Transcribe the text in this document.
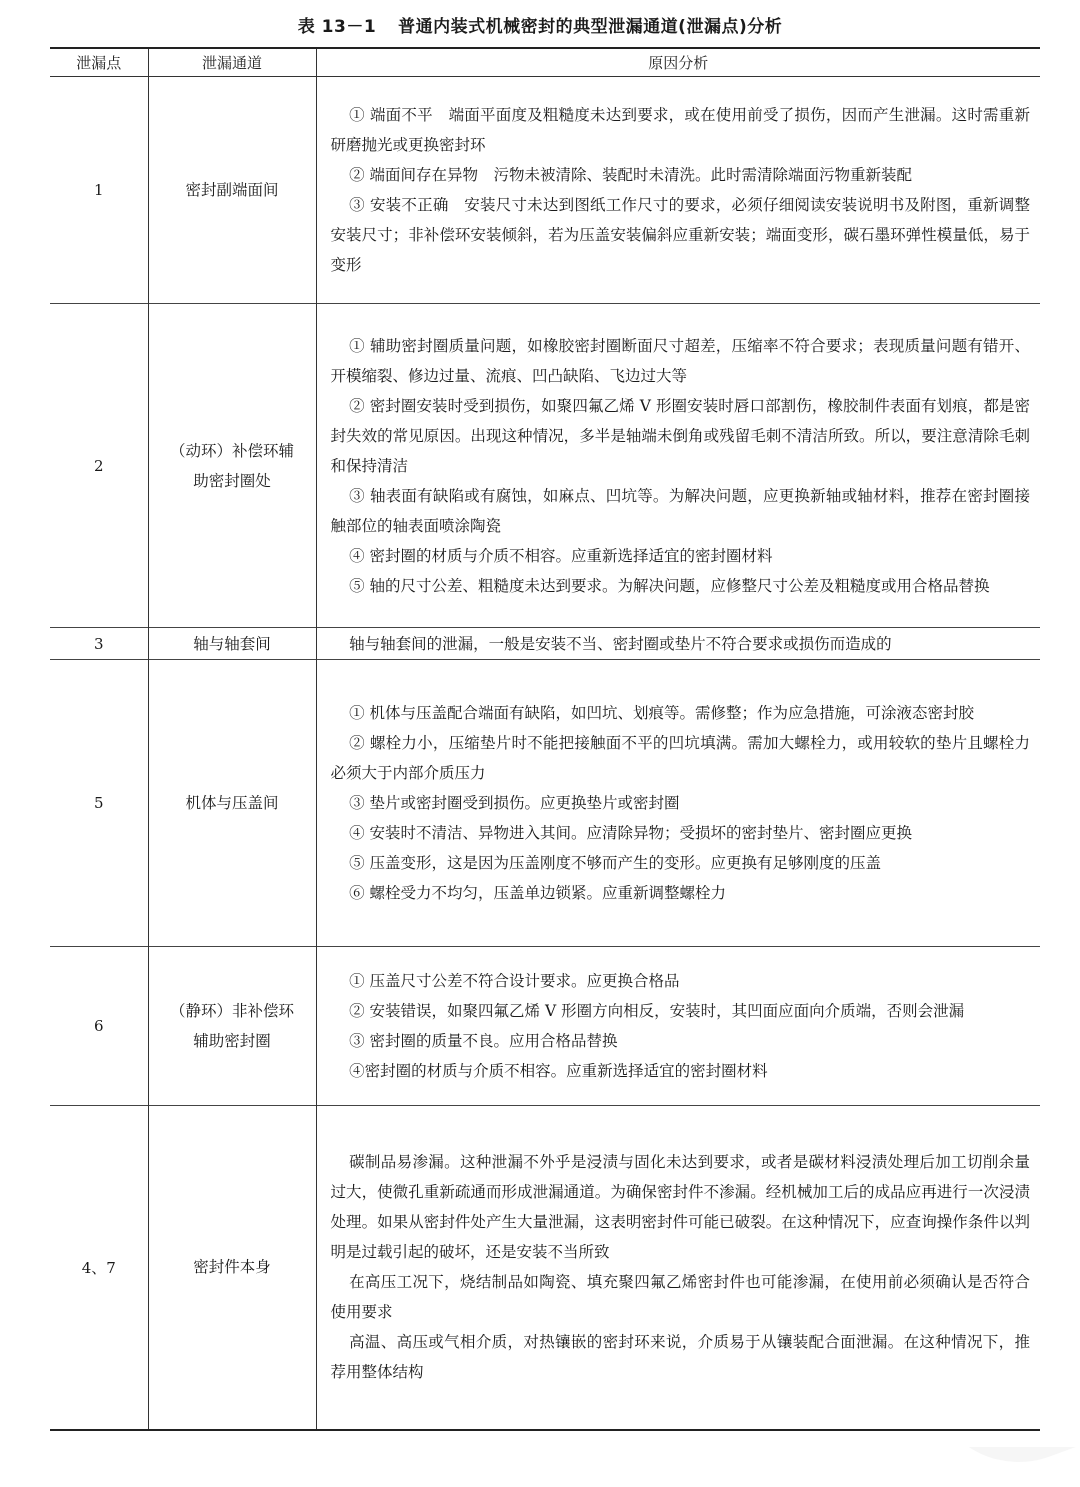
表 13－1 普通内装式机械密封的典型泄漏通道(泄漏点)分析
泄漏点	泄漏通道	原因分析
1	密封副端面间	① 端面不平　端面平面度及粗糙度未达到要求，或在使用前受了损伤，因而产生泄漏。这时需重新研磨抛光或更换密封环

② 端面间存在异物　污物未被清除、装配时未清洗。此时需清除端面污物重新装配

③ 安装不正确　安装尺寸未达到图纸工作尺寸的要求，必须仔细阅读安装说明书及附图，重新调整安装尺寸；非补偿环安装倾斜，若为压盖安装偏斜应重新安装；端面变形，碳石墨环弹性模量低，易于变形

2	（动环）补偿环辅助密封圈处	① 辅助密封圈质量问题，如橡胶密封圈断面尺寸超差，压缩率不符合要求；表现质量问题有错开、开模缩裂、修边过量、流痕、凹凸缺陷、飞边过大等

② 密封圈安装时受到损伤，如聚四氟乙烯 V 形圈安装时唇口部割伤，橡胶制件表面有划痕，都是密封失效的常见原因。出现这种情况，多半是轴端未倒角或残留毛刺不清洁所致。所以，要注意清除毛刺和保持清洁

③ 轴表面有缺陷或有腐蚀，如麻点、凹坑等。为解决问题，应更换新轴或轴材料，推荐在密封圈接触部位的轴表面喷涂陶瓷

④ 密封圈的材质与介质不相容。应重新选择适宜的密封圈材料

⑤ 轴的尺寸公差、粗糙度未达到要求。为解决问题，应修整尺寸公差及粗糙度或用合格品替换

3	轴与轴套间	轴与轴套间的泄漏，一般是安装不当、密封圈或垫片不符合要求或损伤而造成的

5	机体与压盖间	

① 机体与压盖配合端面有缺陷，如凹坑、划痕等。需修整；作为应急措施，可涂液态密封胶

② 螺栓力小，压缩垫片时不能把接触面不平的凹坑填满。需加大螺栓力，或用较软的垫片且螺栓力必须大于内部介质压力

③ 垫片或密封圈受到损伤。应更换垫片或密封圈

④ 安装时不清洁、异物进入其间。应清除异物；受损坏的密封垫片、密封圈应更换

⑤ 压盖变形，这是因为压盖刚度不够而产生的变形。应更换有足够刚度的压盖

⑥ 螺栓受力不均匀，压盖单边锁紧。应重新调整螺栓力

6	（静环）非补偿环辅助密封圈	① 压盖尺寸公差不符合设计要求。应更换合格品

② 安装错误，如聚四氟乙烯 V 形圈方向相反，安装时，其凹面应面向介质端，否则会泄漏

③ 密封圈的质量不良。应用合格品替换

④密封圈的材质与介质不相容。应重新选择适宜的密封圈材料

4、7	密封件本身	碳制品易渗漏。这种泄漏不外乎是浸渍与固化未达到要求，或者是碳材料浸渍处理后加工切削余量过大，使微孔重新疏通而形成泄漏通道。为确保密封件不渗漏。经机械加工后的成品应再进行一次浸渍处理。如果从密封件处产生大量泄漏，这表明密封件可能已破裂。在这种情况下，应查询操作条件以判明是过载引起的破坏，还是安装不当所致

在高压工况下，烧结制品如陶瓷、填充聚四氟乙烯密封件也可能渗漏，在使用前必须确认是否符合使用要求

高温、高压或气相介质，对热镶嵌的密封环来说，介质易于从镶装配合面泄漏。在这种情况下，推荐用整体结构
